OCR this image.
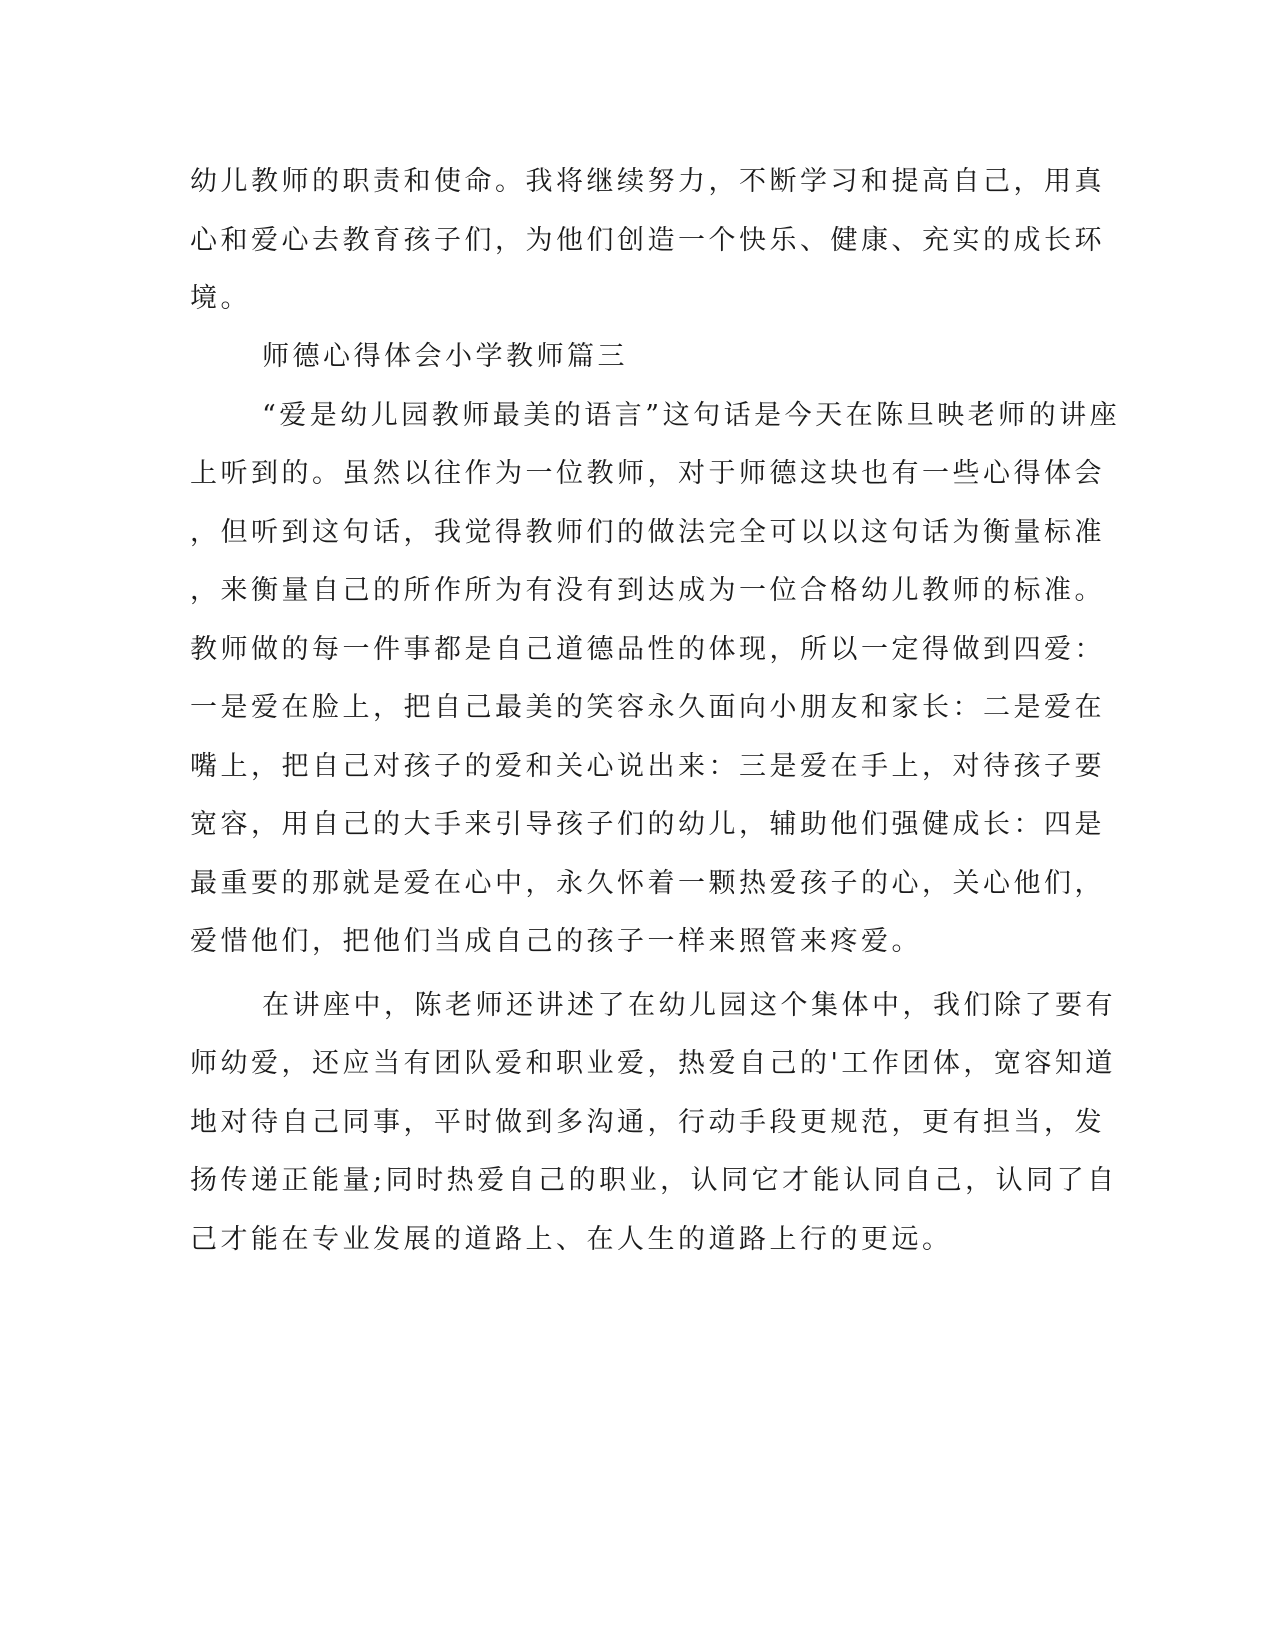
幼儿教师的职责和使命。我将继续努力，不断学习和提高自己，用真
心和爱心去教育孩子们，为他们创造一个快乐、健康、充实的成长环
境。
师德心得体会小学教师篇三
“爱是幼儿园教师最美的语言”这句话是今天在陈旦映老师的讲座
上听到的。虽然以往作为一位教师，对于师德这块也有一些心得体会
，但听到这句话，我觉得教师们的做法完全可以以这句话为衡量标准
，来衡量自己的所作所为有没有到达成为一位合格幼儿教师的标准。
教师做的每一件事都是自己道德品性的体现，所以一定得做到四爱：
一是爱在脸上，把自己最美的笑容永久面向小朋友和家长：二是爱在
嘴上，把自己对孩子的爱和关心说出来：三是爱在手上，对待孩子要
宽容，用自己的大手来引导孩子们的幼儿，辅助他们强健成长：四是
最重要的那就是爱在心中，永久怀着一颗热爱孩子的心，关心他们，
爱惜他们，把他们当成自己的孩子一样来照管来疼爱。
在讲座中，陈老师还讲述了在幼儿园这个集体中，我们除了要有
师幼爱，还应当有团队爱和职业爱，热爱自己的'工作团体，宽容知道
地对待自己同事，平时做到多沟通，行动手段更规范，更有担当，发
扬传递正能量;同时热爱自己的职业，认同它才能认同自己，认同了自
己才能在专业发展的道路上、在人生的道路上行的更远。
